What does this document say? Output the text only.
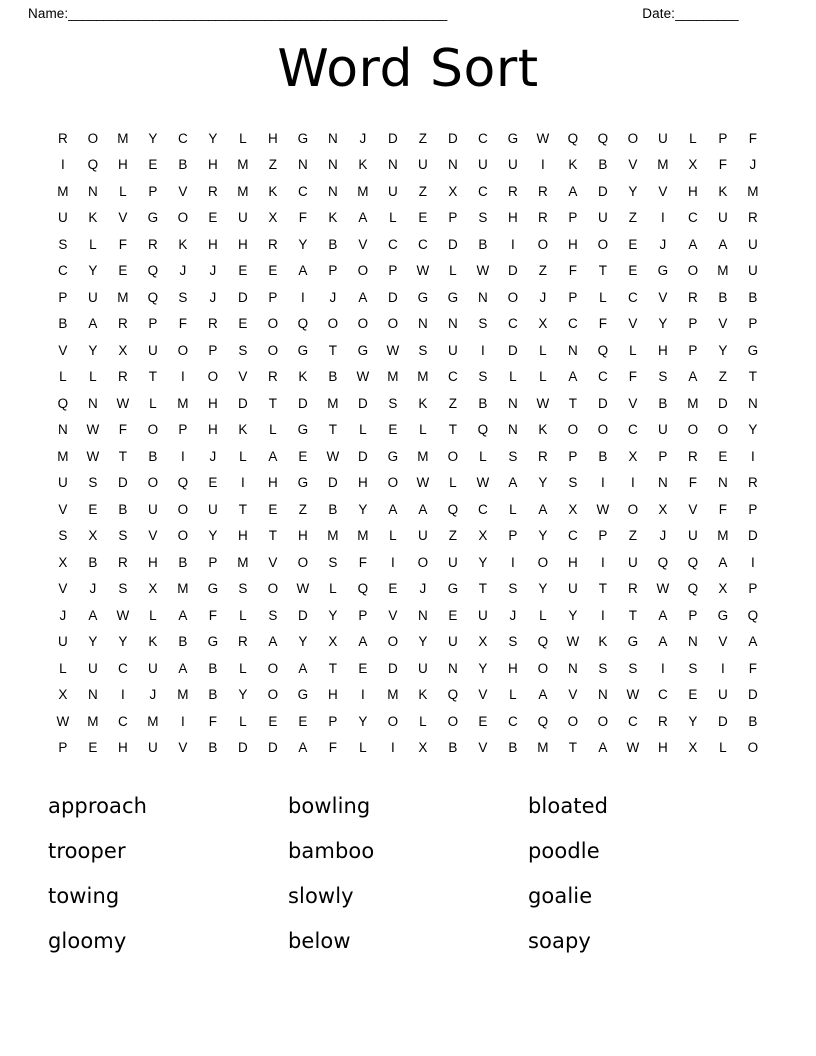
Name: ______________________________________________________	Date: _________
Word Sort
R	O	M	Y	C	Y	L	H	G	N	J	D	Z	D	C	G	W	Q	Q	O	U	L	P	F
I	Q	H	E	B	H	M	Z	N	N	K	N	U	N	U	U	I	K	B	V	M	X	F	J
M	N	L	P	V	R	M	K	C	N	M	U	Z	X	C	R	R	A	D	Y	V	H	K	M
U	K	V	G	O	E	U	X	F	K	A	L	E	P	S	H	R	P	U	Z	I	C	U	R
S	L	F	R	K	H	H	R	Y	B	V	C	C	D	B	I	O	H	O	E	J	A	A	U
C	Y	E	Q	J	J	E	E	A	P	O	P	W	L	W	D	Z	F	T	E	G	O	M	U
P	U	M	Q	S	J	D	P	I	J	A	D	G	G	N	O	J	P	L	C	V	R	B	B
B	A	R	P	F	R	E	O	Q	O	O	O	N	N	S	C	X	C	F	V	Y	P	V	P
V	Y	X	U	O	P	S	O	G	T	G	W	S	U	I	D	L	N	Q	L	H	P	Y	G
L	L	R	T	I	O	V	R	K	B	W	M	M	C	S	L	L	A	C	F	S	A	Z	T
Q	N	W	L	M	H	D	T	D	M	D	S	K	Z	B	N	W	T	D	V	B	M	D	N
N	W	F	O	P	H	K	L	G	T	L	E	L	T	Q	N	K	O	O	C	U	O	O	Y
M	W	T	B	I	J	L	A	E	W	D	G	M	O	L	S	R	P	B	X	P	R	E	I
U	S	D	O	Q	E	I	H	G	D	H	O	W	L	W	A	Y	S	I	I	N	F	N	R
V	E	B	U	O	U	T	E	Z	B	Y	A	A	Q	C	L	A	X	W	O	X	V	F	P
S	X	S	V	O	Y	H	T	H	M	M	L	U	Z	X	P	Y	C	P	Z	J	U	M	D
X	B	R	H	B	P	M	V	O	S	F	I	O	U	Y	I	O	H	I	U	Q	Q	A	I
V	J	S	X	M	G	S	O	W	L	Q	E	J	G	T	S	Y	U	T	R	W	Q	X	P
J	A	W	L	A	F	L	S	D	Y	P	V	N	E	U	J	L	Y	I	T	A	P	G	Q
U	Y	Y	K	B	G	R	A	Y	X	A	O	Y	U	X	S	Q	W	K	G	A	N	V	A
L	U	C	U	A	B	L	O	A	T	E	D	U	N	Y	H	O	N	S	S	I	S	I	F
X	N	I	J	M	B	Y	O	G	H	I	M	K	Q	V	L	A	V	N	W	C	E	U	D
W	M	C	M	I	F	L	E	E	P	Y	O	L	O	E	C	Q	O	O	C	R	Y	D	B
P	E	H	U	V	B	D	D	A	F	L	I	X	B	V	B	M	T	A	W	H	X	L	O
approach	bowling	bloated
trooper	bamboo	poodle
towing	slowly	goalie
gloomy	below	soapy
